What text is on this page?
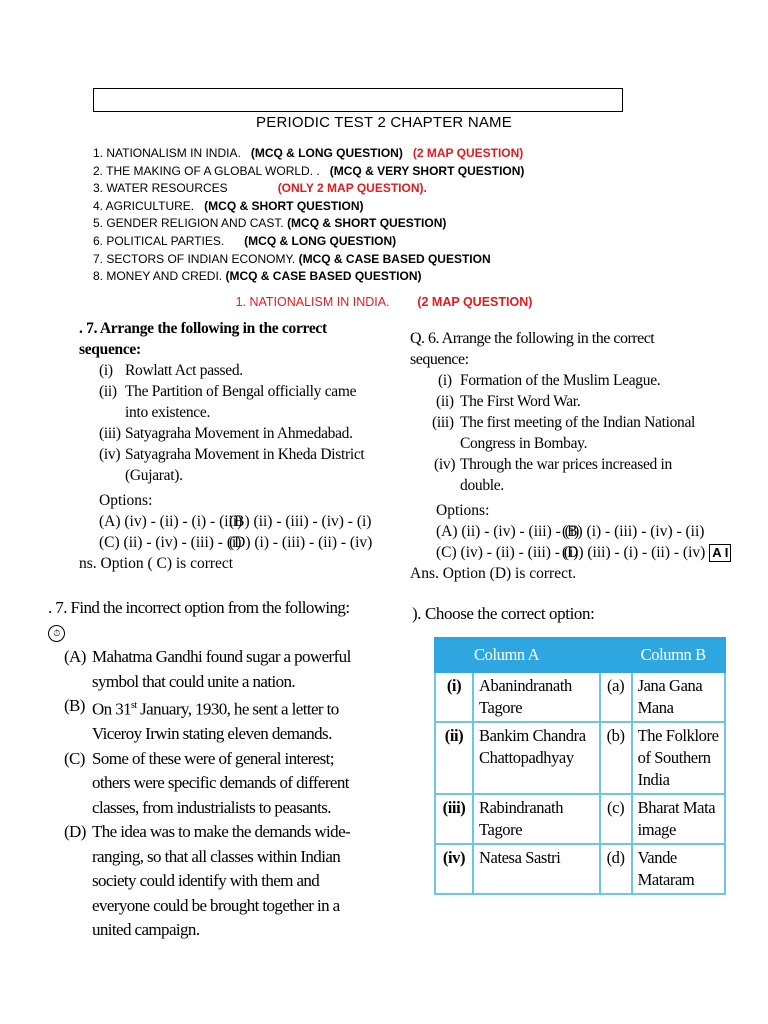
PERIODIC TEST 2 CHAPTER NAME
1. NATIONALISM IN INDIA. (MCQ & LONG QUESTION) (2 MAP QUESTION)
2. THE MAKING OF A GLOBAL WORLD. . (MCQ & VERY SHORT QUESTION)
3. WATER RESOURCES	(ONLY 2 MAP QUESTION).
4. AGRICULTURE. (MCQ & SHORT QUESTION)
5. GENDER RELIGION AND CAST. (MCQ & SHORT QUESTION)
6. POLITICAL PARTIES. (MCQ & LONG QUESTION)
7. SECTORS OF INDIAN ECONOMY. (MCQ & CASE BASED QUESTION
8. MONEY AND CREDI. (MCQ & CASE BASED QUESTION)
1. NATIONALISM IN INDIA. (2 MAP QUESTION)
. 7. Arrange the following in the correct sequence:
(i) Rowlatt Act passed.
(ii) The Partition of Bengal officially came into existence.
(iii) Satyagraha Movement in Ahmedabad.
(iv) Satyagraha Movement in Kheda District (Gujarat).
Options:
(A) (iv) - (ii) - (i) - (iii)(B) (ii) - (iii) - (iv) - (i)
(C) (ii) - (iv) - (iii) - (i)(D) (i) - (iii) - (ii) - (iv)
ns. Option ( C) is correct
Q. 6. Arrange the following in the correct sequence:
(i) Formation of the Muslim League.
(ii) The First Word War.
(iii) The first meeting of the Indian National Congress in Bombay.
(iv) Through the war prices increased in double.
Options:
(A) (ii) - (iv) - (iii) - (i)(B) (i) - (iii) - (iv) - (ii)
(C) (iv) - (ii) - (iii) - (i)(D) (iii) - (i) - (ii) - (iv) A I
Ans. Option (D) is correct.
. 7. Find the incorrect option from the following: ⏱
(A) Mahatma Gandhi found sugar a powerful symbol that could unite a nation.
(B) On 31st January, 1930, he sent a letter to Viceroy Irwin stating eleven demands.
(C) Some of these were of general interest; others were specific demands of different classes, from industrialists to peasants.
(D) The idea was to make the demands wide-ranging, so that all classes within Indian society could identify with them and everyone could be brought together in a united campaign.
). Choose the correct option:
Column A		Column B	
(i)	Abanindranath Tagore	(a)	Jana Gana Mana
(ii)	Bankim Chandra Chattopadhyay	(b)	The Folklore of Southern India
(iii)	Rabindranath Tagore	(c)	Bharat Mata image
(iv)	Natesa Sastri	(d)	Vande Mataram
